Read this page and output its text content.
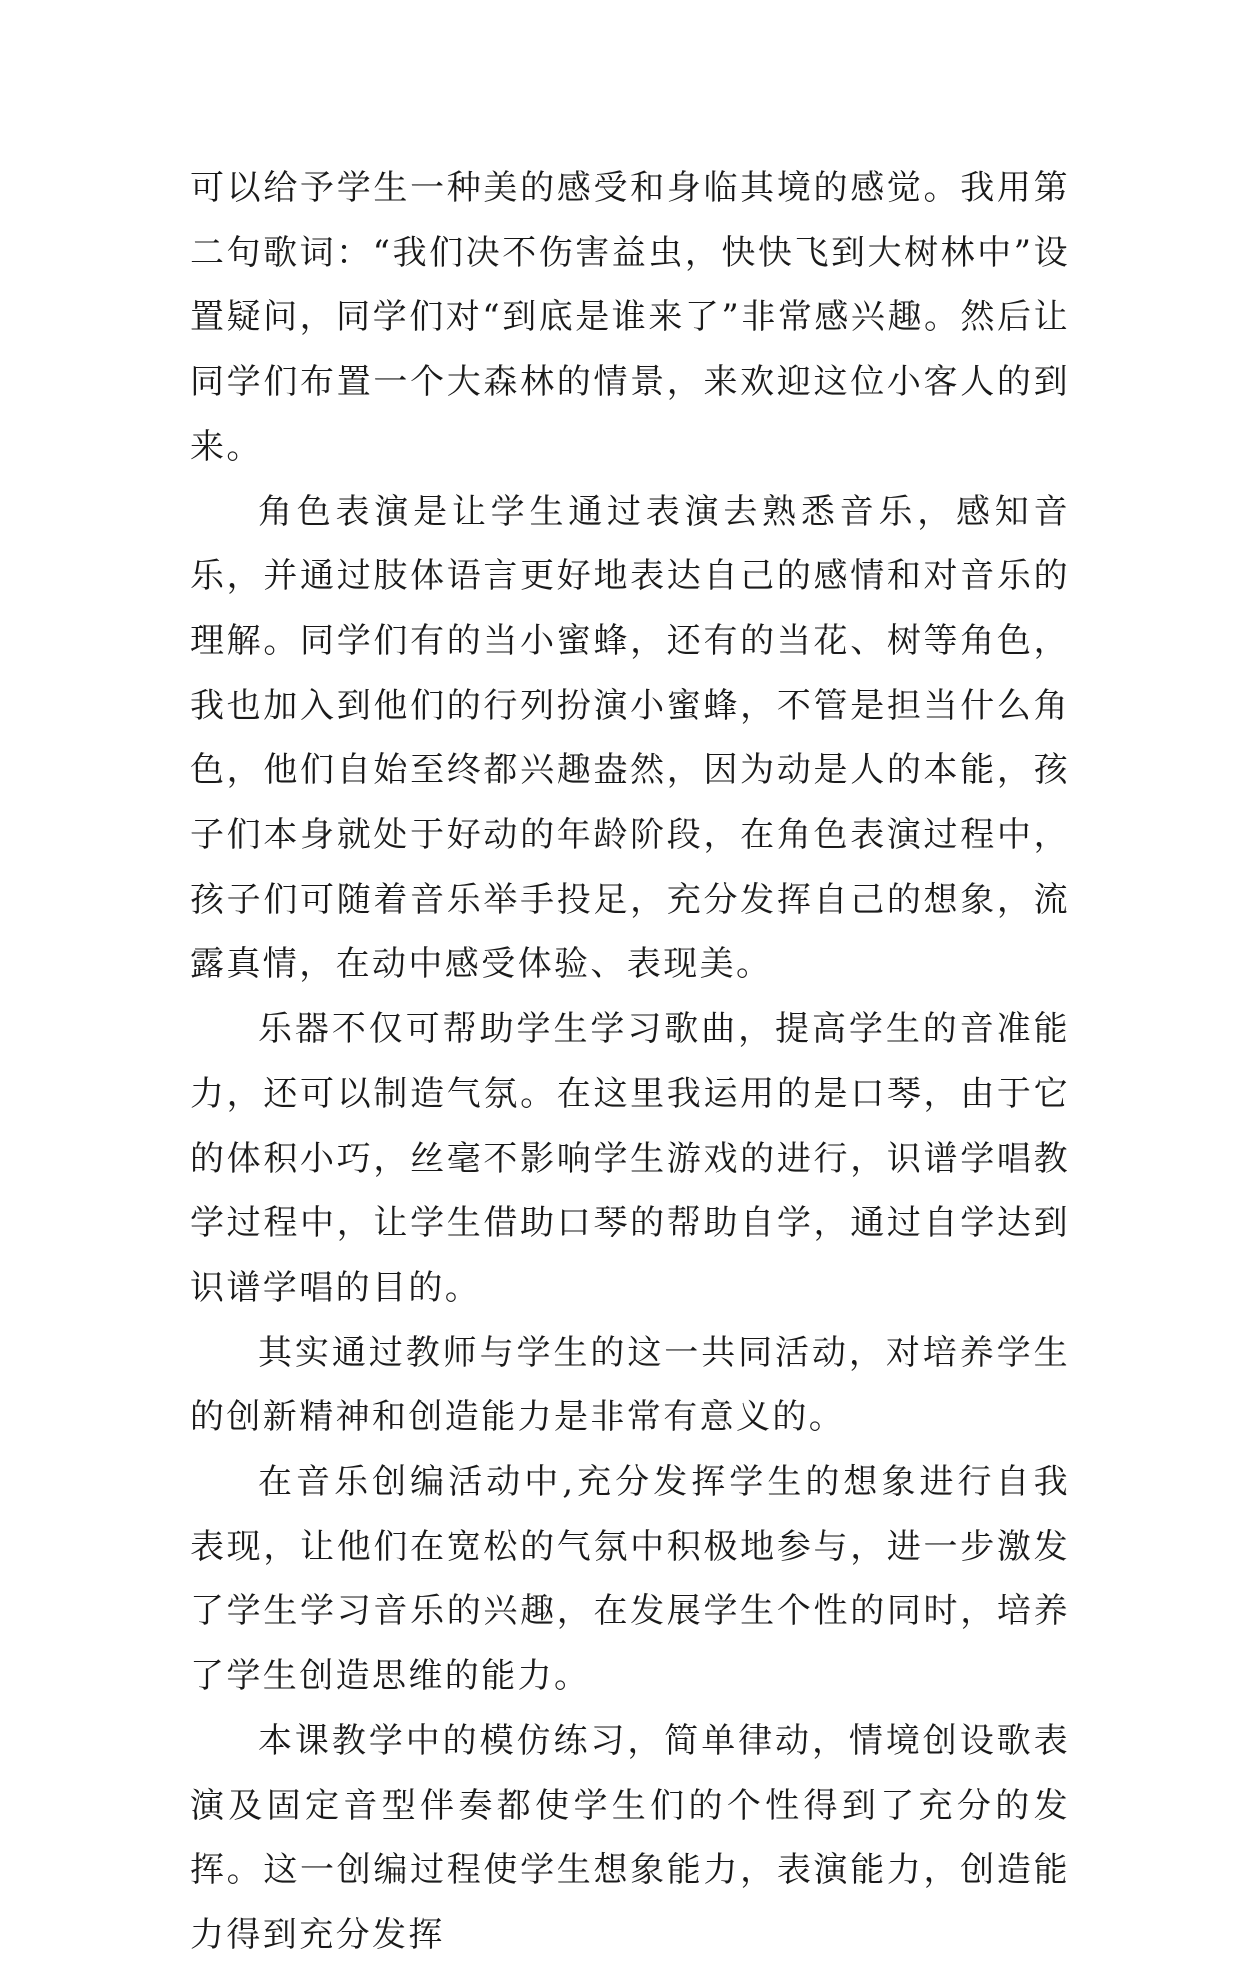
可以给予学生一种美的感受和身临其境的感觉。我用第二句歌词：“我们决不伤害益虫，快快飞到大树林中”设置疑问，同学们对“到底是谁来了”非常感兴趣。然后让同学们布置一个大森林的情景，来欢迎这位小客人的到来。

角色表演是让学生通过表演去熟悉音乐，感知音乐，并通过肢体语言更好地表达自己的感情和对音乐的理解。同学们有的当小蜜蜂，还有的当花、树等角色，我也加入到他们的行列扮演小蜜蜂，不管是担当什么角色，他们自始至终都兴趣盎然，因为动是人的本能，孩子们本身就处于好动的年龄阶段，在角色表演过程中，孩子们可随着音乐举手投足，充分发挥自己的想象，流露真情，在动中感受体验、表现美。

乐器不仅可帮助学生学习歌曲，提高学生的音准能力，还可以制造气氛。在这里我运用的是口琴，由于它的体积小巧，丝毫不影响学生游戏的进行，识谱学唱教学过程中，让学生借助口琴的帮助自学，通过自学达到识谱学唱的目的。

其实通过教师与学生的这一共同活动，对培养学生的创新精神和创造能力是非常有意义的。

在音乐创编活动中,充分发挥学生的想象进行自我表现，让他们在宽松的气氛中积极地参与，进一步激发了学生学习音乐的兴趣，在发展学生个性的同时，培养了学生创造思维的能力。

本课教学中的模仿练习，简单律动，情境创设歌表演及固定音型伴奏都使学生们的个性得到了充分的发挥。这一创编过程使学生想象能力，表演能力，创造能力得到充分发挥
